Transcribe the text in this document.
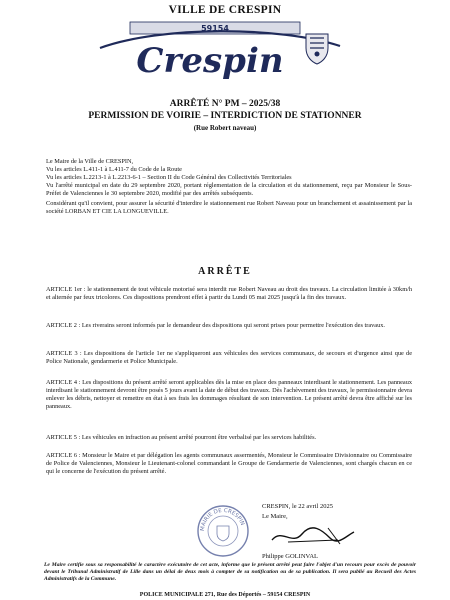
VILLE DE CRESPIN
59154
Crespin
ARRÊTÉ N° PM – 2025/38
PERMISSION DE VOIRIE – INTERDICTION DE STATIONNER
(Rue Robert naveau)

Le Maire de la Ville de CRESPIN,

Vu les articles L.411-1 à L.411-7 du Code de la Route

Vu les articles L.2213-1 à L.2213-6-1 – Section II du Code Général des Collectivités Territoriales

Vu l'arrêté municipal en date du 29 septembre 2020, portant réglementation de la circulation et du stationnement, reçu par Monsieur le Sous-Préfet de Valenciennes le 30 septembre 2020, modifié par des arrêtés subséquents.

Considérant qu'il convient, pour assurer la sécurité d'interdire le stationnement rue Robert Naveau pour un branchement et assainissement par la société LORBAN ET CIE LA LONGUEVILLE.

ARRÊTE
ARTICLE 1er : le stationnement de tout véhicule motorisé sera interdit rue Robert Naveau au droit des travaux. La circulation limitée à 30km/h et alternée par feux tricolores. Ces dispositions prendront effet à partir du Lundi 05 mai 2025 jusqu'à la fin des travaux.
ARTICLE 2 : Les riverains seront informés par le demandeur des dispositions qui seront prises pour permettre l'exécution des travaux.
ARTICLE 3 : Les dispositions de l'article 1er ne s'appliqueront aux véhicules des services communaux, de secours et d'urgence ainsi que de Police Nationale, gendarmerie et Police Municipale.
ARTICLE 4 : Les dispositions du présent arrêté seront applicables dès la mise en place des panneaux interdisant le stationnement. Les panneaux interdisant le stationnement devront être posés 5 jours avant la date de début des travaux. Dès l'achèvement des travaux, le permissionnaire devra enlever les débris, nettoyer et remettre en état à ses frais les dommages résultant de son intervention. Le présent arrêté devra être affiché sur les panneaux.
ARTICLE 5 : Les véhicules en infraction au présent arrêté pourront être verbalisé par les services habilités.
ARTICLE 6 : Monsieur le Maire et par délégation les agents communaux assermentés, Monsieur le Commissaire Divisionnaire ou Commissaire de Police de Valenciennes, Monsieur le Lieutenant-colonel commandant le Groupe de Gendarmerie de Valenciennes, sont chargés chacun en ce qui le concerne de l'exécution du présent arrêté.
MAIRIE DE CRESPIN
CRESPIN, le 22 avril 2025
Le Maire,
Philippe GOLINVAL
Le Maire certifie sous sa responsabilité le caractère exécutoire de cet acte, informe que le présent arrêté peut faire l'objet d'un recours pour excès de pouvoir devant le Tribunal Administratif de Lille dans un délai de deux mois à compter de sa notification ou de sa publication. Il sera publié au Recueil des Actes Administratifs de la Commune.
POLICE MUNICIPALE 271, Rue des Déportés – 59154 CRESPIN
